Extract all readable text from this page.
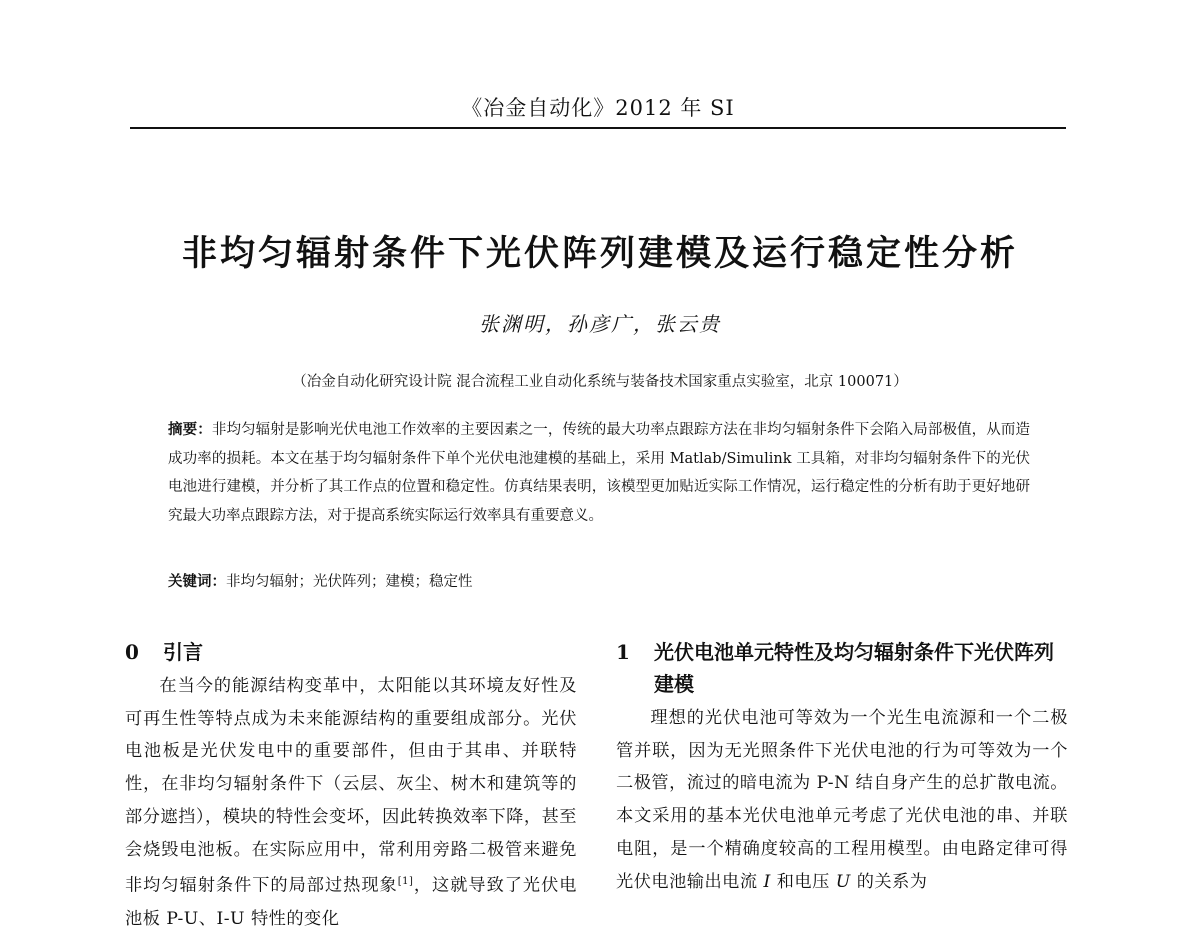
《冶金自动化》2012 年 SI
非均匀辐射条件下光伏阵列建模及运行稳定性分析
张渊明，孙彦广，张云贵
（冶金自动化研究设计院 混合流程工业自动化系统与装备技术国家重点实验室，北京 100071）
摘要：非均匀辐射是影响光伏电池工作效率的主要因素之一，传统的最大功率点跟踪方法在非均匀辐射条件下会陷入局部极值，从而造成功率的损耗。本文在基于均匀辐射条件下单个光伏电池建模的基础上，采用 Matlab/Simulink 工具箱，对非均匀辐射条件下的光伏电池进行建模，并分析了其工作点的位置和稳定性。仿真结果表明，该模型更加贴近实际工作情况，运行稳定性的分析有助于更好地研究最大功率点跟踪方法，对于提高系统实际运行效率具有重要意义。
关键词：非均匀辐射；光伏阵列；建模；稳定性
0	引言

在当今的能源结构变革中，太阳能以其环境友好性及可再生性等特点成为未来能源结构的重要组成部分。光伏电池板是光伏发电中的重要部件，但由于其串、并联特性，在非均匀辐射条件下（云层、灰尘、树木和建筑等的部分遮挡），模块的特性会变坏，因此转换效率下降，甚至会烧毁电池板。在实际应用中，常利用旁路二极管来避免非均匀辐射条件下的局部过热现象[1]，这就导致了光伏电池板 P-U、I-U 特性的变化

1	光伏电池单元特性及均匀辐射条件下光伏阵列建模

理想的光伏电池可等效为一个光生电流源和一个二极管并联，因为无光照条件下光伏电池的行为可等效为一个二极管，流过的暗电流为 P-N 结自身产生的总扩散电流。本文采用的基本光伏电池单元考虑了光伏电池的串、并联电阻，是一个精确度较高的工程用模型。由电路定律可得光伏电池输出电流 I 和电压 U 的关系为
